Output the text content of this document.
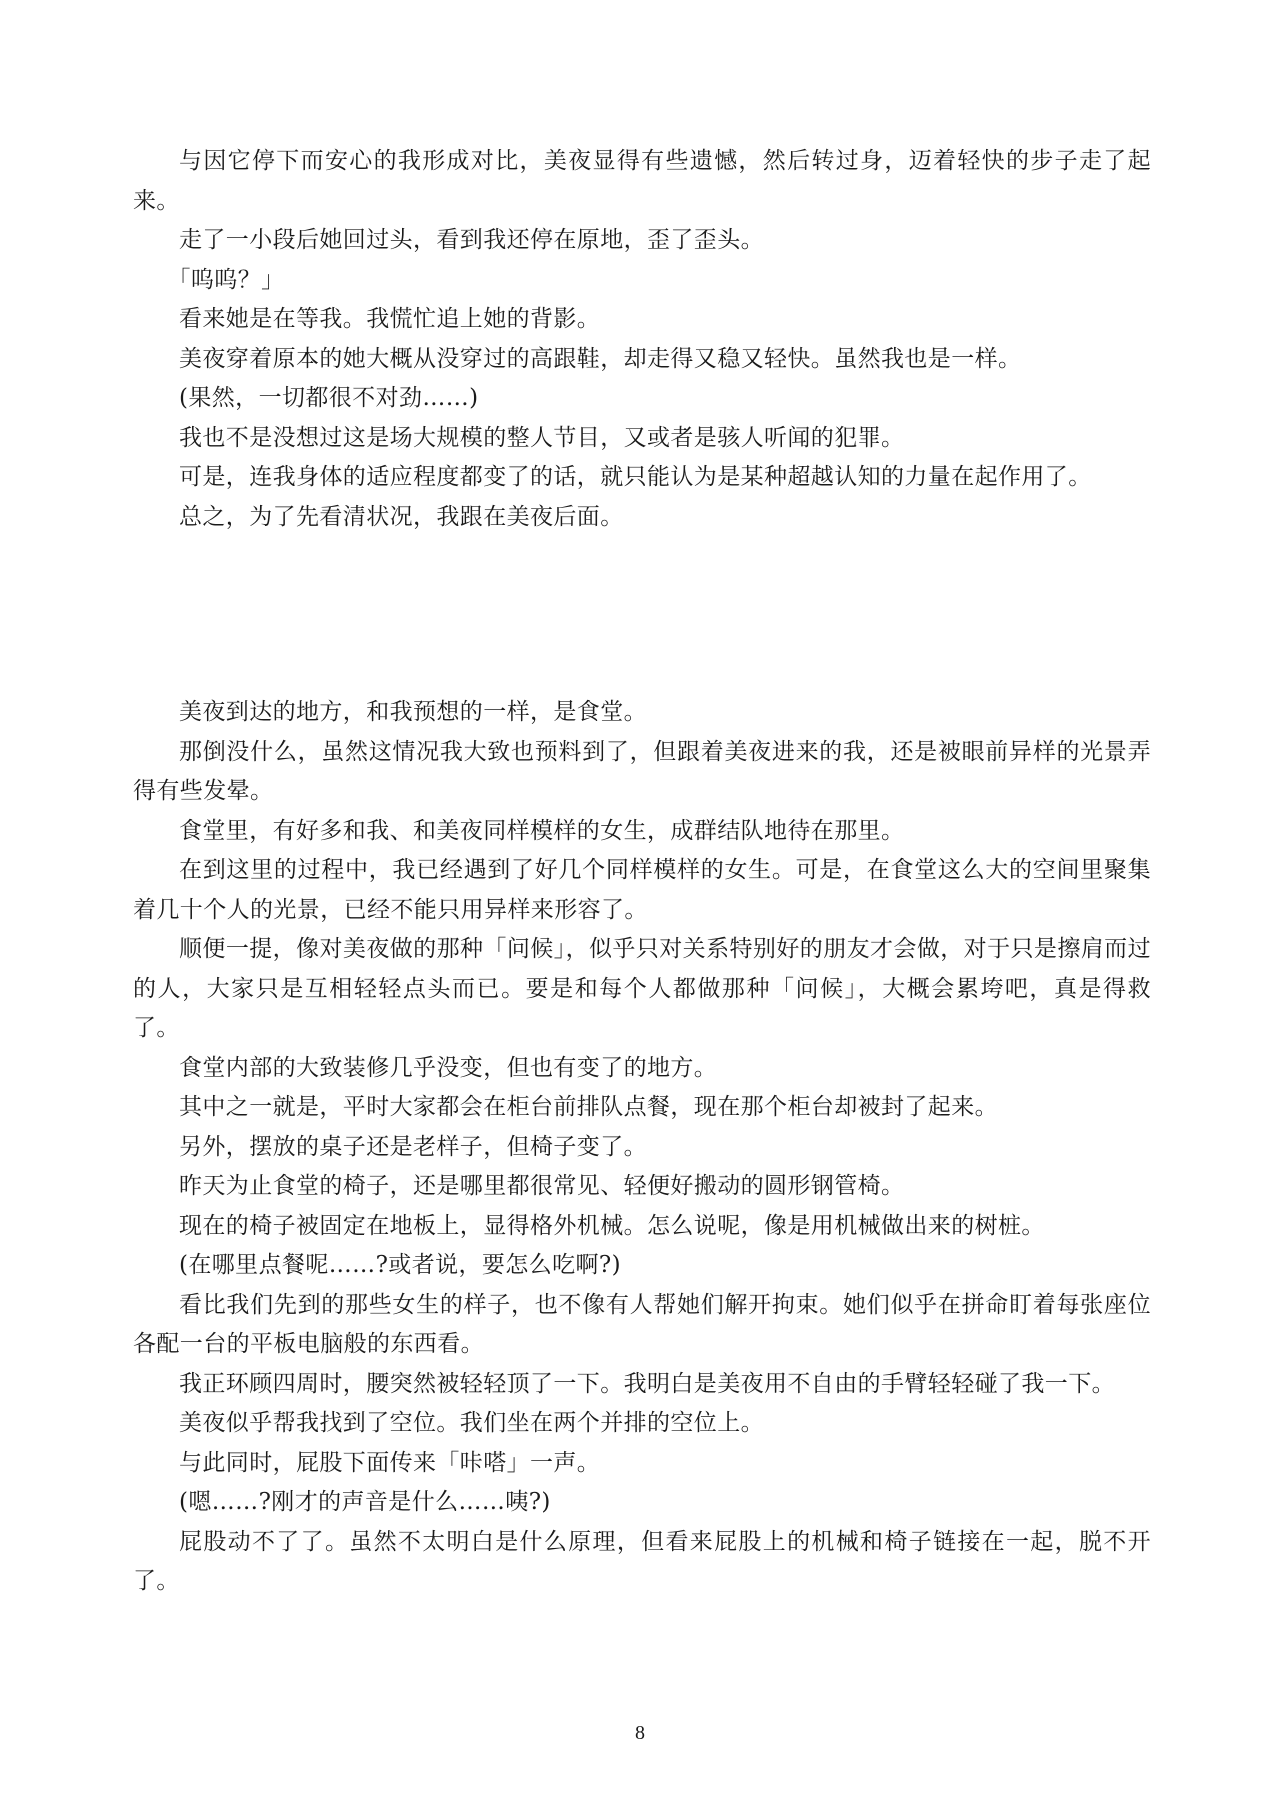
与因它停下而安心的我形成对比，美夜显得有些遗憾，然后转过身，迈着轻快的步子走了起来。

走了一小段后她回过头，看到我还停在原地，歪了歪头。

「呜呜？」

看来她是在等我。我慌忙追上她的背影。

美夜穿着原本的她大概从没穿过的高跟鞋，却走得又稳又轻快。虽然我也是一样。

(果然，一切都很不对劲……)

我也不是没想过这是场大规模的整人节目，又或者是骇人听闻的犯罪。

可是，连我身体的适应程度都变了的话，就只能认为是某种超越认知的力量在起作用了。

总之，为了先看清状况，我跟在美夜后面。

美夜到达的地方，和我预想的一样，是食堂。

那倒没什么，虽然这情况我大致也预料到了，但跟着美夜进来的我，还是被眼前异样的光景弄得有些发晕。

食堂里，有好多和我、和美夜同样模样的女生，成群结队地待在那里。

在到这里的过程中，我已经遇到了好几个同样模样的女生。可是，在食堂这么大的空间里聚集着几十个人的光景，已经不能只用异样来形容了。

顺便一提，像对美夜做的那种「问候」，似乎只对关系特别好的朋友才会做，对于只是擦肩而过的人，大家只是互相轻轻点头而已。要是和每个人都做那种「问候」，大概会累垮吧，真是得救了。

食堂内部的大致装修几乎没变，但也有变了的地方。

其中之一就是，平时大家都会在柜台前排队点餐，现在那个柜台却被封了起来。

另外，摆放的桌子还是老样子，但椅子变了。

昨天为止食堂的椅子，还是哪里都很常见、轻便好搬动的圆形钢管椅。

现在的椅子被固定在地板上，显得格外机械。怎么说呢，像是用机械做出来的树桩。

(在哪里点餐呢……?或者说，要怎么吃啊?)

看比我们先到的那些女生的样子，也不像有人帮她们解开拘束。她们似乎在拼命盯着每张座位各配一台的平板电脑般的东西看。

我正环顾四周时，腰突然被轻轻顶了一下。我明白是美夜用不自由的手臂轻轻碰了我一下。

美夜似乎帮我找到了空位。我们坐在两个并排的空位上。

与此同时，屁股下面传来「咔嗒」一声。

(嗯……?刚才的声音是什么……咦?)

屁股动不了了。虽然不太明白是什么原理，但看来屁股上的机械和椅子链接在一起，脱不开了。

8
